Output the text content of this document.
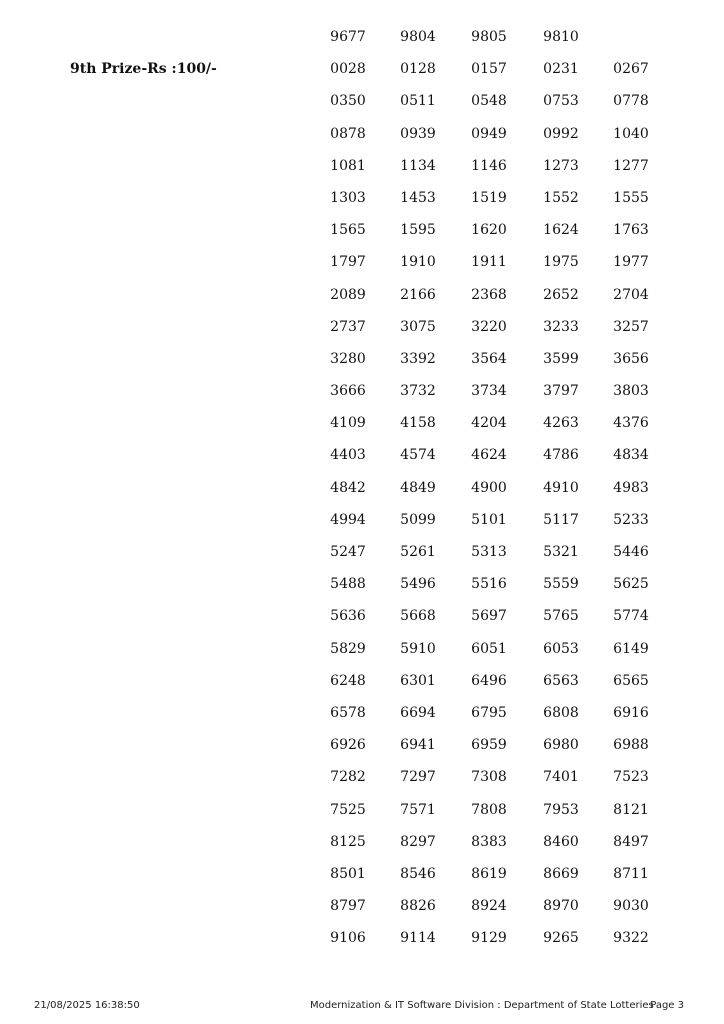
9th Prize-Rs :100/-
9677	9804	9805	9810
0028	0128	0157	0231	0267
0350	0511	0548	0753	0778
0878	0939	0949	0992	1040
1081	1134	1146	1273	1277
1303	1453	1519	1552	1555
1565	1595	1620	1624	1763
1797	1910	1911	1975	1977
2089	2166	2368	2652	2704
2737	3075	3220	3233	3257
3280	3392	3564	3599	3656
3666	3732	3734	3797	3803
4109	4158	4204	4263	4376
4403	4574	4624	4786	4834
4842	4849	4900	4910	4983
4994	5099	5101	5117	5233
5247	5261	5313	5321	5446
5488	5496	5516	5559	5625
5636	5668	5697	5765	5774
5829	5910	6051	6053	6149
6248	6301	6496	6563	6565
6578	6694	6795	6808	6916
6926	6941	6959	6980	6988
7282	7297	7308	7401	7523
7525	7571	7808	7953	8121
8125	8297	8383	8460	8497
8501	8546	8619	8669	8711
8797	8826	8924	8970	9030
9106	9114	9129	9265	9322
21/08/2025 16:38:50	Modernization & IT Software Division : Department of State Lotteries
Page 3
